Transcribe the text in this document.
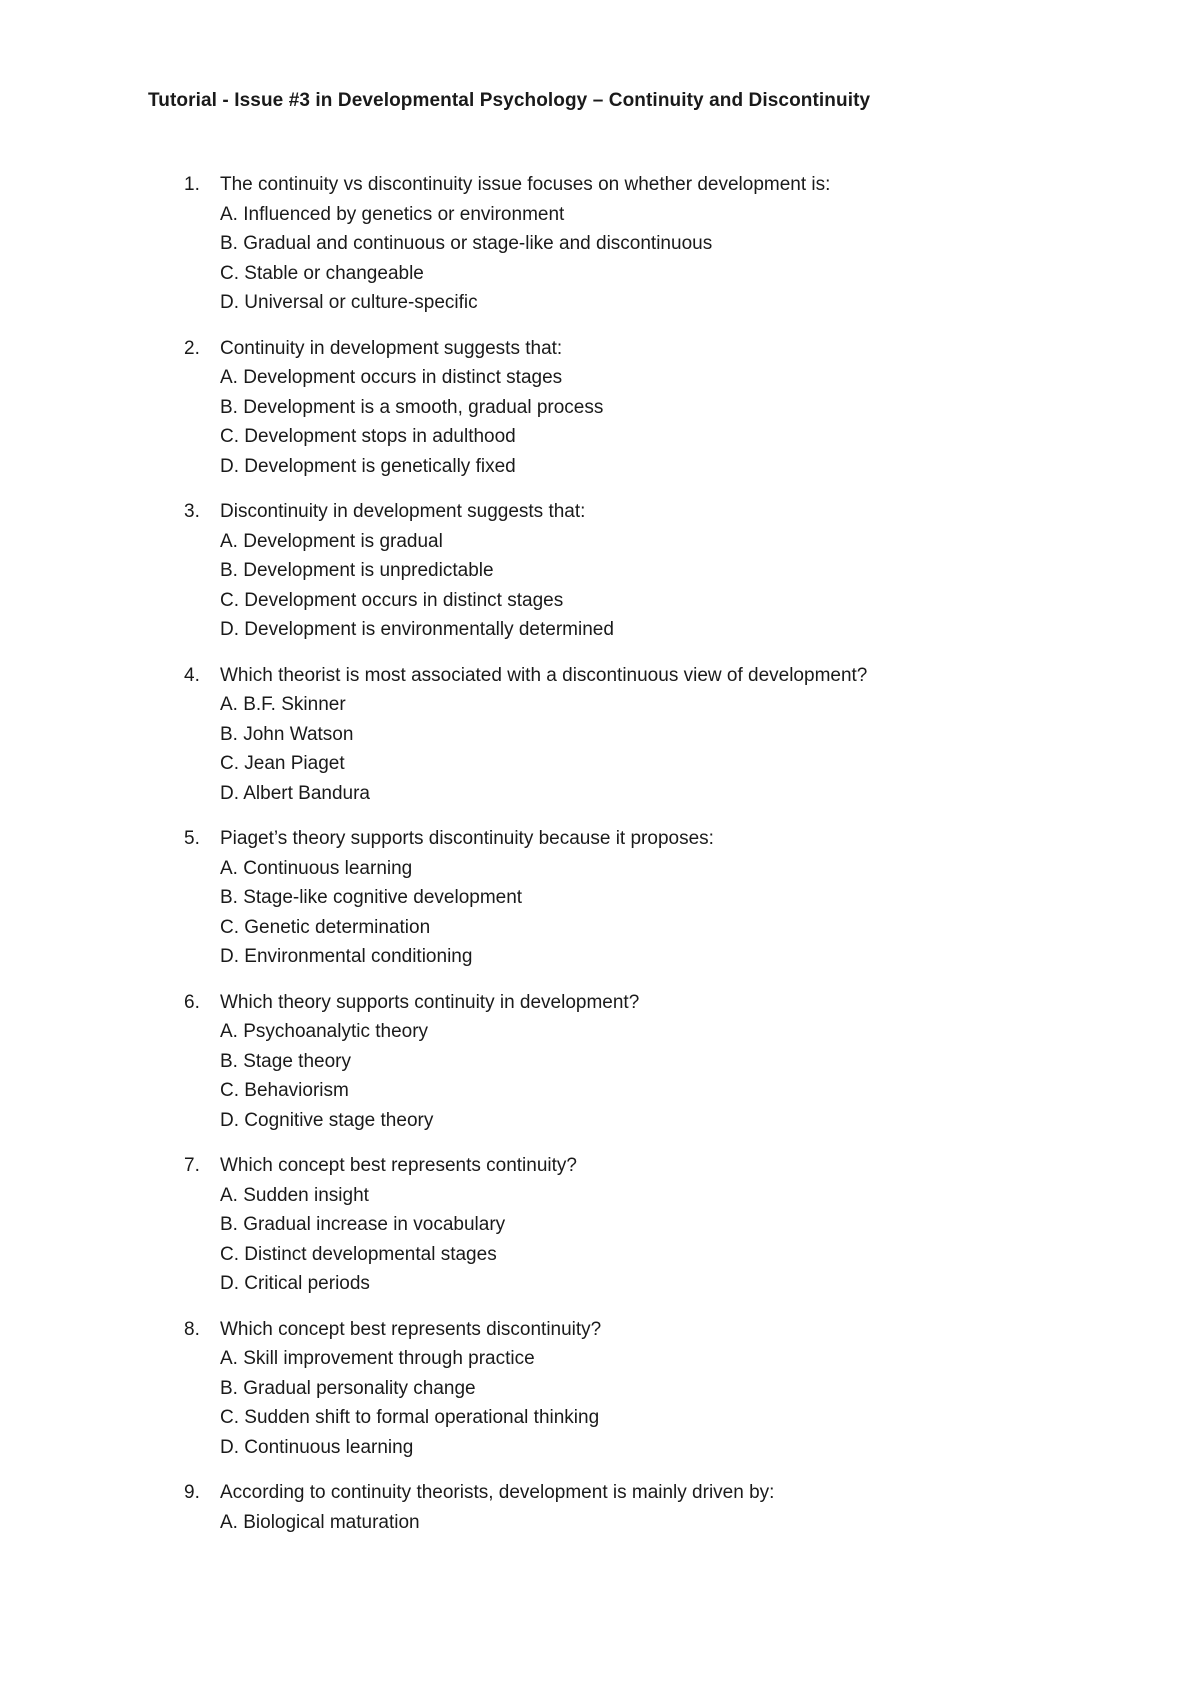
Tutorial - Issue #3 in Developmental Psychology – Continuity and Discontinuity
1. The continuity vs discontinuity issue focuses on whether development is:
A. Influenced by genetics or environment
B. Gradual and continuous or stage-like and discontinuous
C. Stable or changeable
D. Universal or culture-specific
2. Continuity in development suggests that:
A. Development occurs in distinct stages
B. Development is a smooth, gradual process
C. Development stops in adulthood
D. Development is genetically fixed
3. Discontinuity in development suggests that:
A. Development is gradual
B. Development is unpredictable
C. Development occurs in distinct stages
D. Development is environmentally determined
4. Which theorist is most associated with a discontinuous view of development?
A. B.F. Skinner
B. John Watson
C. Jean Piaget
D. Albert Bandura
5. Piaget’s theory supports discontinuity because it proposes:
A. Continuous learning
B. Stage-like cognitive development
C. Genetic determination
D. Environmental conditioning
6. Which theory supports continuity in development?
A. Psychoanalytic theory
B. Stage theory
C. Behaviorism
D. Cognitive stage theory
7. Which concept best represents continuity?
A. Sudden insight
B. Gradual increase in vocabulary
C. Distinct developmental stages
D. Critical periods
8. Which concept best represents discontinuity?
A. Skill improvement through practice
B. Gradual personality change
C. Sudden shift to formal operational thinking
D. Continuous learning
9. According to continuity theorists, development is mainly driven by:
A. Biological maturation
